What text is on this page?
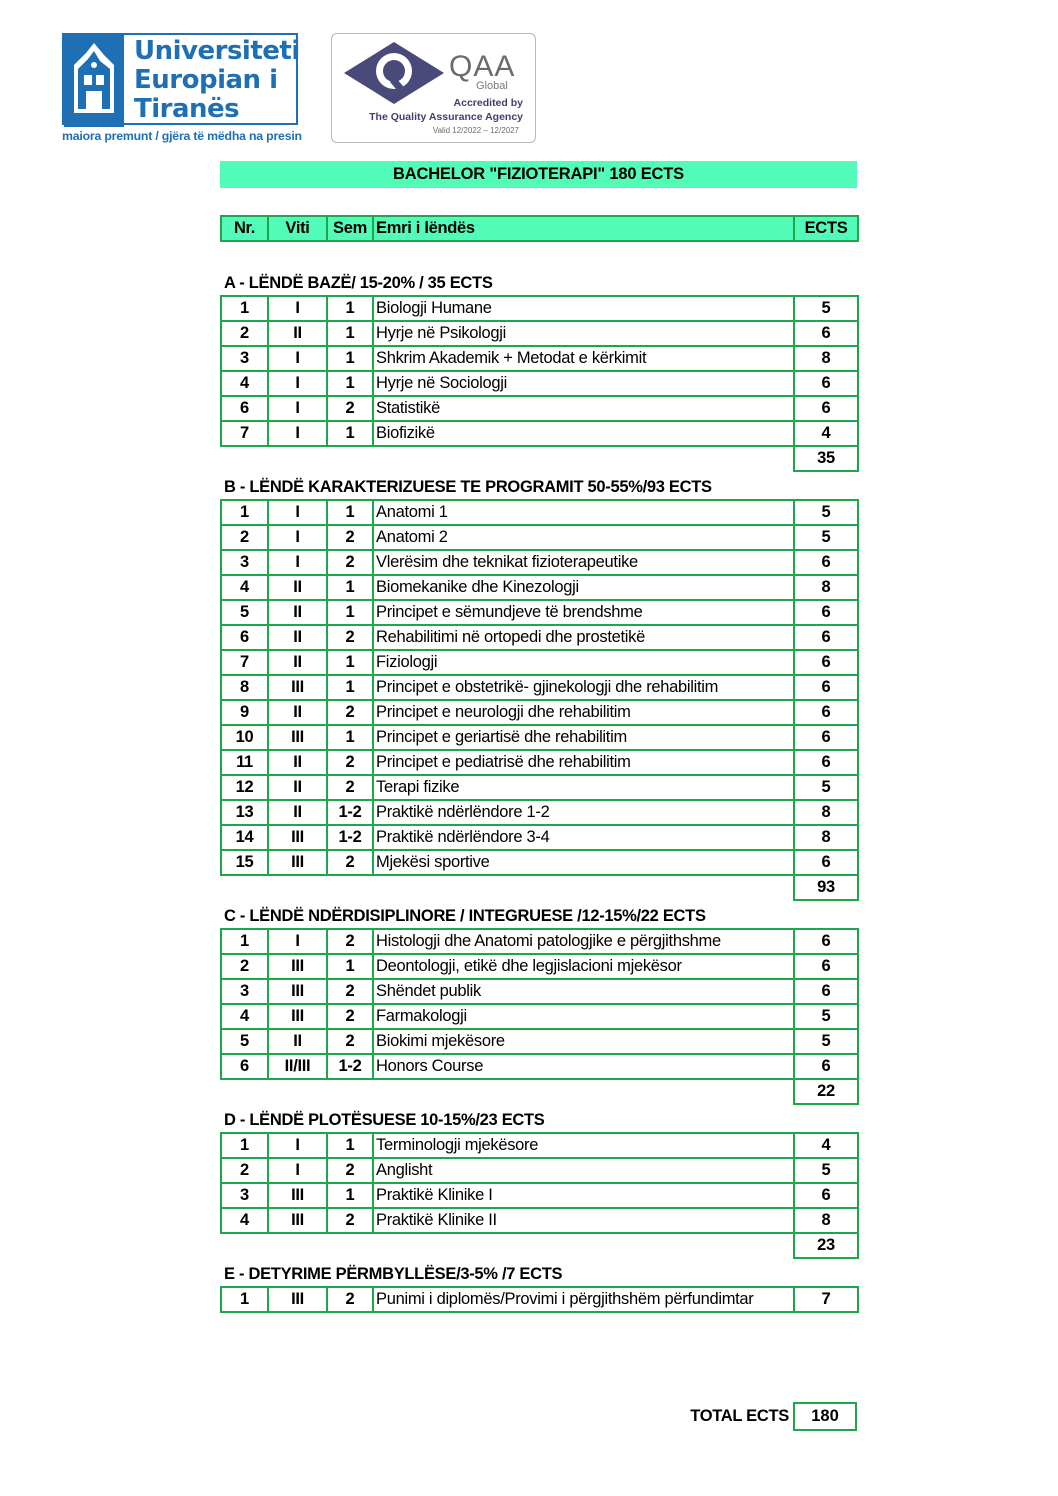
Universiteti
Europian i
Tiranës
maiora premunt / gjëra të mëdha na presin
QAA
Global
Accredited by
The Quality Assurance Agency
Valid 12/2022 – 12/2027
BACHELOR "FIZIOTERAPI" 180 ECTS
Nr.	Viti	Sem	Emri i lëndës	ECTS
A - LËNDË BAZË/ 15-20% / 35 ECTS
1	I	1	Biologji Humane	5
2	II	1	Hyrje në Psikologji	6
3	I	1	Shkrim Akademik + Metodat e kërkimit	8
4	I	1	Hyrje në Sociologji	6
6	I	2	Statistikë	6
7	I	1	Biofizikë	4
				35
B - LËNDË KARAKTERIZUESE TE PROGRAMIT 50-55%/93 ECTS
1	I	1	Anatomi 1	5
2	I	2	Anatomi 2	5
3	I	2	Vlerësim dhe teknikat fizioterapeutike	6
4	II	1	Biomekanike dhe Kinezologji	8
5	II	1	Principet e sëmundjeve të brendshme	6
6	II	2	Rehabilitimi në ortopedi dhe prostetikë	6
7	II	1	Fiziologji	6
8	III	1	Principet e obstetrikë- gjinekologji dhe rehabilitim	6
9	II	2	Principet e neurologji dhe rehabilitim	6
10	III	1	Principet e geriartisë dhe rehabilitim	6
11	II	2	Principet e pediatrisë dhe rehabilitim	6
12	II	2	Terapi fizike	5
13	II	1-2	Praktikë ndërlëndore 1-2	8
14	III	1-2	Praktikë ndërlëndore 3-4	8
15	III	2	Mjekësi sportive	6
				93
C - LËNDË NDËRDISIPLINORE / INTEGRUESE /12-15%/22 ECTS
1	I	2	Histologji dhe Anatomi patologjike e përgjithshme	6
2	III	1	Deontologji, etikë dhe legjislacioni mjekësor	6
3	III	2	Shëndet publik	6
4	III	2	Farmakologji	5
5	II	2	Biokimi mjekësore	5
6	II/III	1-2	Honors Course	6
				22
D - LËNDË PLOTËSUESE 10-15%/23 ECTS
1	I	1	Terminologji mjekësore	4
2	I	2	Anglisht	5
3	III	1	Praktikë Klinike I	6
4	III	2	Praktikë Klinike II	8
				23
E - DETYRIME PËRMBYLLËSE/3-5% /7 ECTS
1	III	2	Punimi i diplomës/Provimi i përgjithshëm përfundimtar	7
TOTAL ECTS	180
